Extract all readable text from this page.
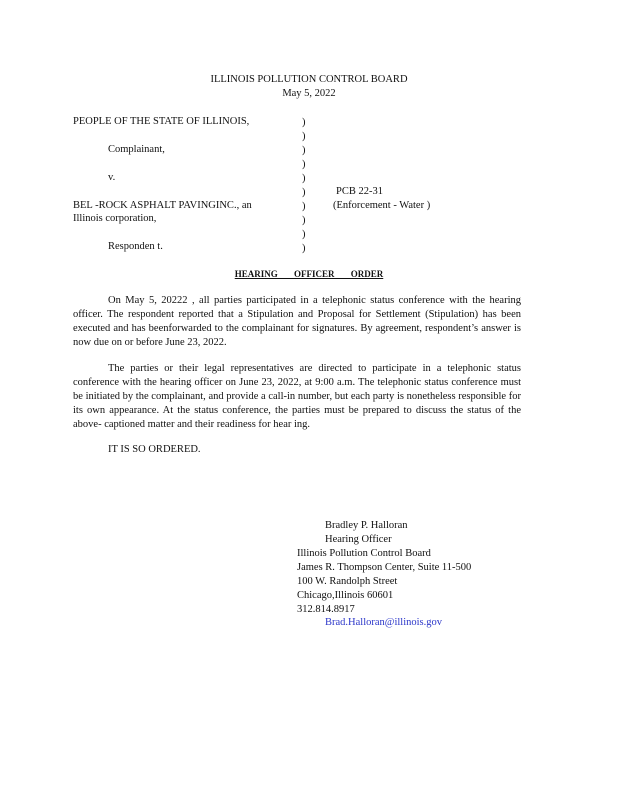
ILLINOIS POLLUTION CONTROL BOARD
May 5, 2022
PEOPLE OF THE STATE OF ILLINOIS,
Complainant,
v.
BEL -ROCK ASPHALT PAVINGINC., an
Illinois corporation,
Responden t.
)
)
)
)
)
)
)
)
)
)
PCB 22-31
(Enforcement - Water )
HEARING OFFICER ORDER
On May 5, 20222 , all parties participated in a telephonic status conference with the hearing officer. The respondent reported that a Stipulation and Proposal for Settlement (Stipulation) has been executed and has beenforwarded to the complainant for signatures. By agreement, respondent’s answer is now due on or before June 23, 2022.
The parties or their legal representatives are directed to participate in a telephonic status conference with the hearing officer on June 23, 2022, at 9:00 a.m. The telephonic status conference must be initiated by the complainant, and provide a call-in number, but each party is nonetheless responsible for its own appearance. At the status conference, the parties must be prepared to discuss the status of the above- captioned matter and their readiness for hear ing.
IT IS SO ORDERED.
Bradley P. Halloran
Hearing Officer
Illinois Pollution Control Board
James R. Thompson Center, Suite 11-500
100 W. Randolph Street
Chicago,Illinois 60601
312.814.8917
Brad.Halloran@illinois.gov
